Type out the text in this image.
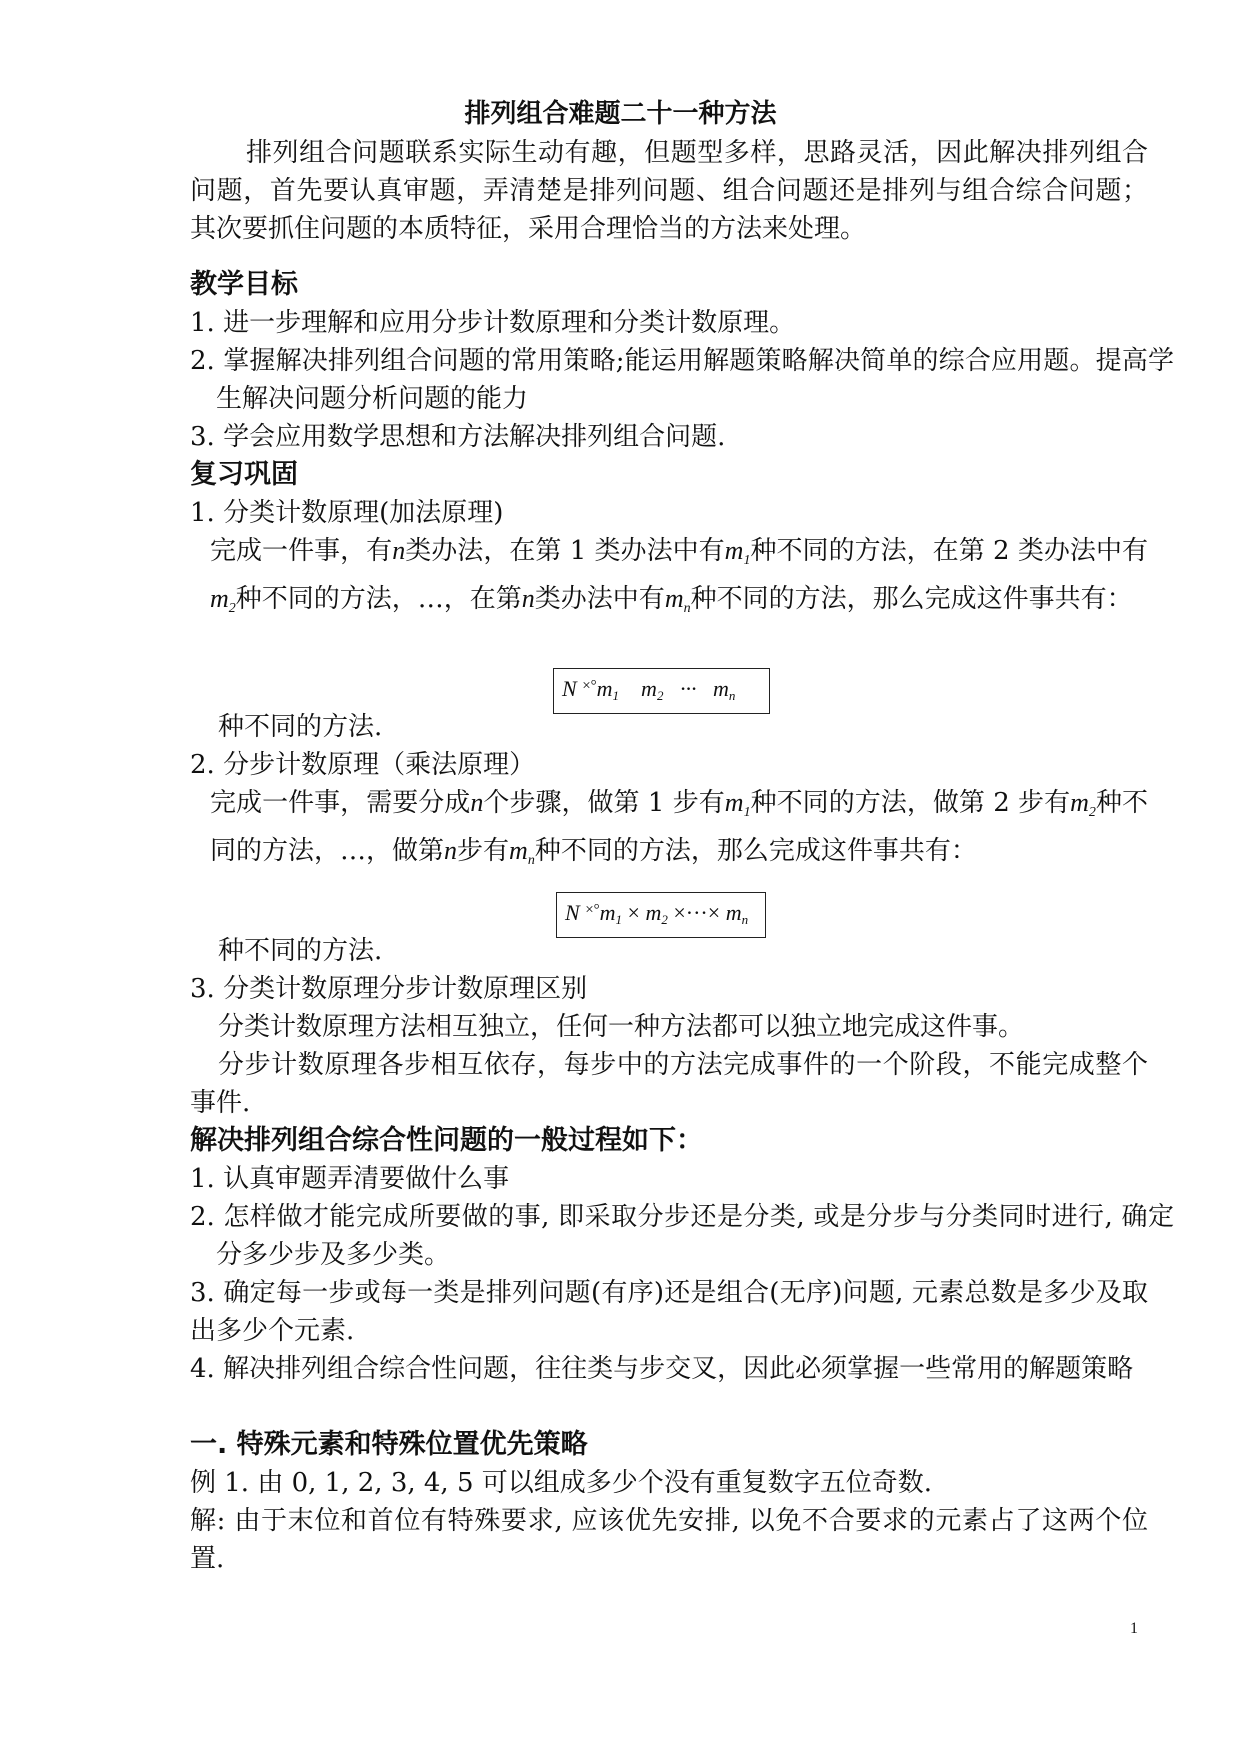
排列组合难题二十一种方法
排列组合问题联系实际生动有趣，但题型多样，思路灵活，因此解决排列组合问题，首先要认真审题，弄清楚是排列问题、组合问题还是排列与组合综合问题；其次要抓住问题的本质特征，采用合理恰当的方法来处理。
教学目标
1. 进一步理解和应用分步计数原理和分类计数原理。
2. 掌握解决排列组合问题的常用策略;能运用解题策略解决简单的综合应用题。提高学生解决问题分析问题的能力
3. 学会应用数学思想和方法解决排列组合问题.
复习巩固
1. 分类计数原理(加法原理)
完成一件事，有n类办法，在第 1 类办法中有$m_1$种不同的方法，在第 2 类办法中有$m_2$种不同的方法，…，在第n类办法中有$m_n$种不同的方法，那么完成这件事共有：
N $^{\times^\circ}m_1$ $m_2$ ··· $m_n$
种不同的方法.
2. 分步计数原理（乘法原理）
完成一件事，需要分成n个步骤，做第 1 步有$m_1$种不同的方法，做第 2 步有$m_2$种不同的方法，…，做第n步有$m_n$种不同的方法，那么完成这件事共有：
N $^{\times^\circ}m_1 \times m_2$ ×···× $m_n$
种不同的方法.
3. 分类计数原理分步计数原理区别
分类计数原理方法相互独立，任何一种方法都可以独立地完成这件事。
分步计数原理各步相互依存，每步中的方法完成事件的一个阶段，不能完成整个事件.
解决排列组合综合性问题的一般过程如下：
1. 认真审题弄清要做什么事
2. 怎样做才能完成所要做的事, 即采取分步还是分类, 或是分步与分类同时进行, 确定分多少步及多少类。
3. 确定每一步或每一类是排列问题(有序)还是组合(无序)问题, 元素总数是多少及取出多少个元素.
4. 解决排列组合综合性问题，往往类与步交叉，因此必须掌握一些常用的解题策略
一. 特殊元素和特殊位置优先策略
例 1. 由 0, 1, 2, 3, 4, 5 可以组成多少个没有重复数字五位奇数.
解: 由于末位和首位有特殊要求, 应该优先安排, 以免不合要求的元素占了这两个位置.
1
